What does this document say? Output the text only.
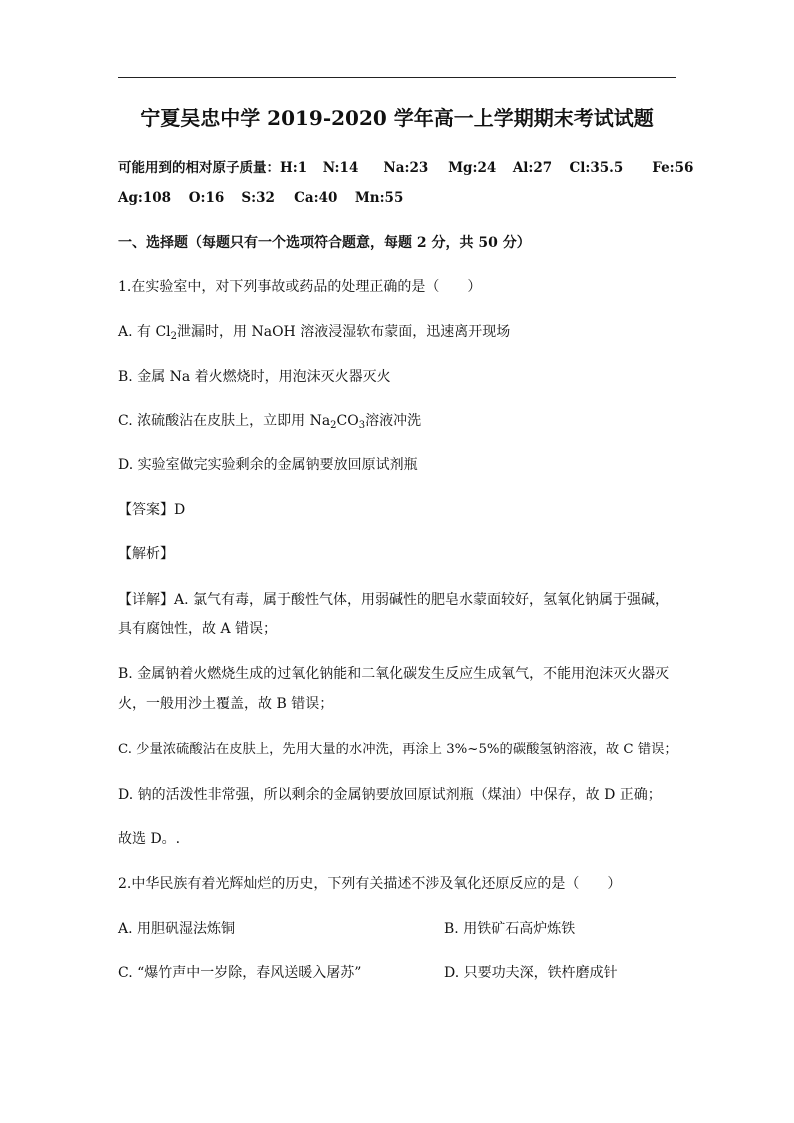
宁夏吴忠中学 2019-2020 学年高一上学期期末考试试题
可能用到的相对原子质量：H:1 N:14 Na:23 Mg:24 Al:27 Cl:35.5 Fe:56
Ag:108 O:16 S:32 Ca:40 Mn:55
一、选择题（每题只有一个选项符合题意，每题 2 分，共 50 分）
1.在实验室中，对下列事故或药品的处理正确的是（　　）
A. 有 $Cl_2$泄漏时，用 NaOH 溶液浸湿软布蒙面，迅速离开现场
B. 金属 Na 着火燃烧时，用泡沫灭火器灭火
C. 浓硫酸沾在皮肤上，立即用 $Na_2CO_3$溶液冲洗
D. 实验室做完实验剩余的金属钠要放回原试剂瓶
【答案】D
【解析】
【详解】A. 氯气有毒，属于酸性气体，用弱碱性的肥皂水蒙面较好，氢氧化钠属于强碱，
具有腐蚀性，故 A 错误；
B. 金属钠着火燃烧生成的过氧化钠能和二氧化碳发生反应生成氧气，不能用泡沫灭火器灭
火，一般用沙土覆盖，故 B 错误；
C. 少量浓硫酸沾在皮肤上，先用大量的水冲洗，再涂上 3%~5%的碳酸氢钠溶液，故 C 错误；
D. 钠的活泼性非常强，所以剩余的金属钠要放回原试剂瓶（煤油）中保存，故 D 正确；
故选 D。.
2.中华民族有着光辉灿烂的历史，下列有关描述不涉及氧化还原反应的是（　　）
A. 用胆矾湿法炼铜	B. 用铁矿石高炉炼铁
C. “爆竹声中一岁除，春风送暖入屠苏”	D. 只要功夫深，铁杵磨成针
